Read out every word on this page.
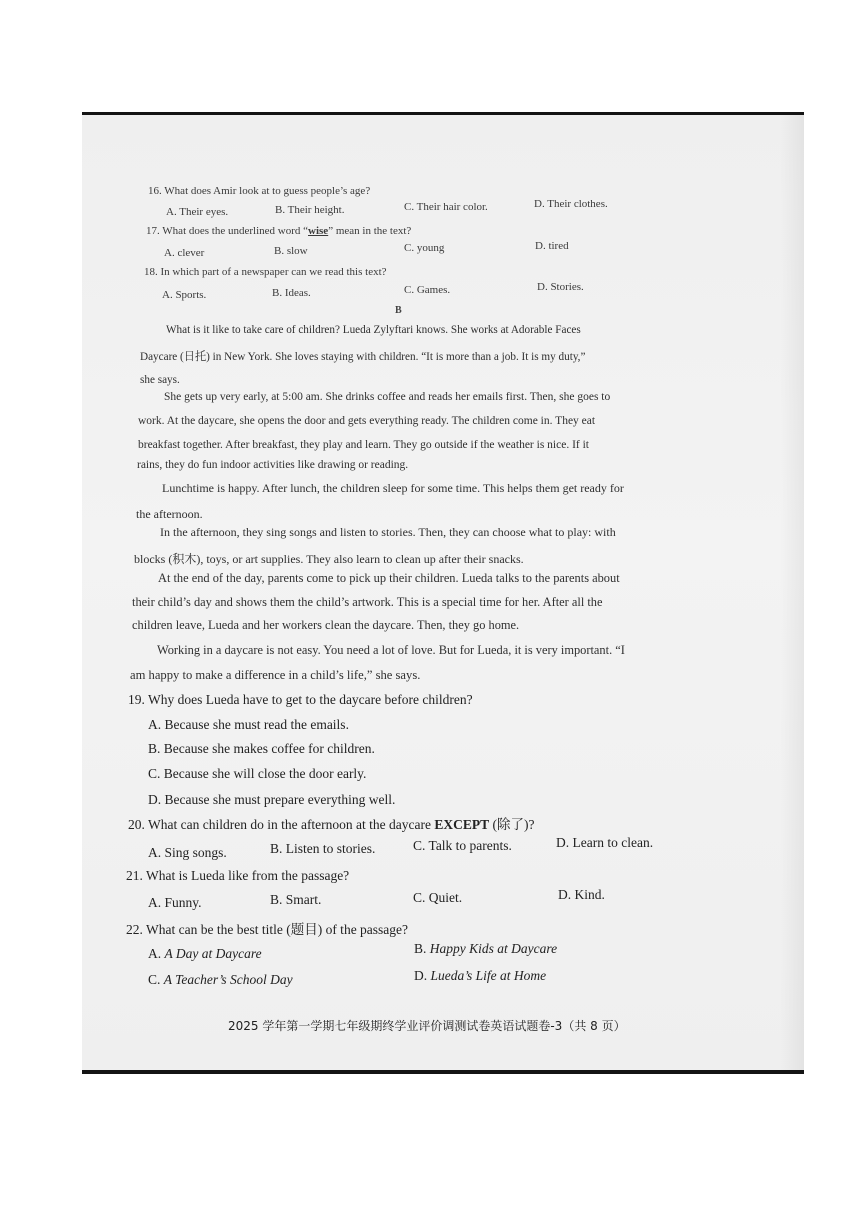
16. What does Amir look at to guess people’s age?
A. Their eyes.	B. Their height.	C. Their hair color.	D. Their clothes.
17. What does the underlined word “wise” mean in the text?
A. clever	B. slow	C. young	D. tired
18. In which part of a newspaper can we read this text?
A. Sports.	B. Ideas.	C. Games.	D. Stories.
B
What is it like to take care of children? Lueda Zylyftari knows. She works at Adorable Faces
Daycare (日托) in New York. She loves staying with children. “It is more than a job. It is my duty,”
she says.
She gets up very early, at 5:00 am. She drinks coffee and reads her emails first. Then, she goes to
work. At the daycare, she opens the door and gets everything ready. The children come in. They eat
breakfast together. After breakfast, they play and learn. They go outside if the weather is nice. If it
rains, they do fun indoor activities like drawing or reading.
Lunchtime is happy. After lunch, the children sleep for some time. This helps them get ready for
the afternoon.
In the afternoon, they sing songs and listen to stories. Then, they can choose what to play: with
blocks (积木), toys, or art supplies. They also learn to clean up after their snacks.
At the end of the day, parents come to pick up their children. Lueda talks to the parents about
their child’s day and shows them the child’s artwork. This is a special time for her. After all the
children leave, Lueda and her workers clean the daycare. Then, they go home.
Working in a daycare is not easy. You need a lot of love. But for Lueda, it is very important. “I
am happy to make a difference in a child’s life,” she says.
19. Why does Lueda have to get to the daycare before children?
A. Because she must read the emails.
B. Because she makes coffee for children.
C. Because she will close the door early.
D. Because she must prepare everything well.
20. What can children do in the afternoon at the daycare EXCEPT (除了)?
A. Sing songs.	B. Listen to stories.	C. Talk to parents.	D. Learn to clean.
21. What is Lueda like from the passage?
A. Funny.	B. Smart.	C. Quiet.	D. Kind.
22. What can be the best title (题目) of the passage?
A. A Day at Daycare	B. Happy Kids at Daycare
C. A Teacher’s School Day	D. Lueda’s Life at Home
2025 学年第一学期七年级期终学业评价调测试卷英语试题卷-3（共 8 页）
